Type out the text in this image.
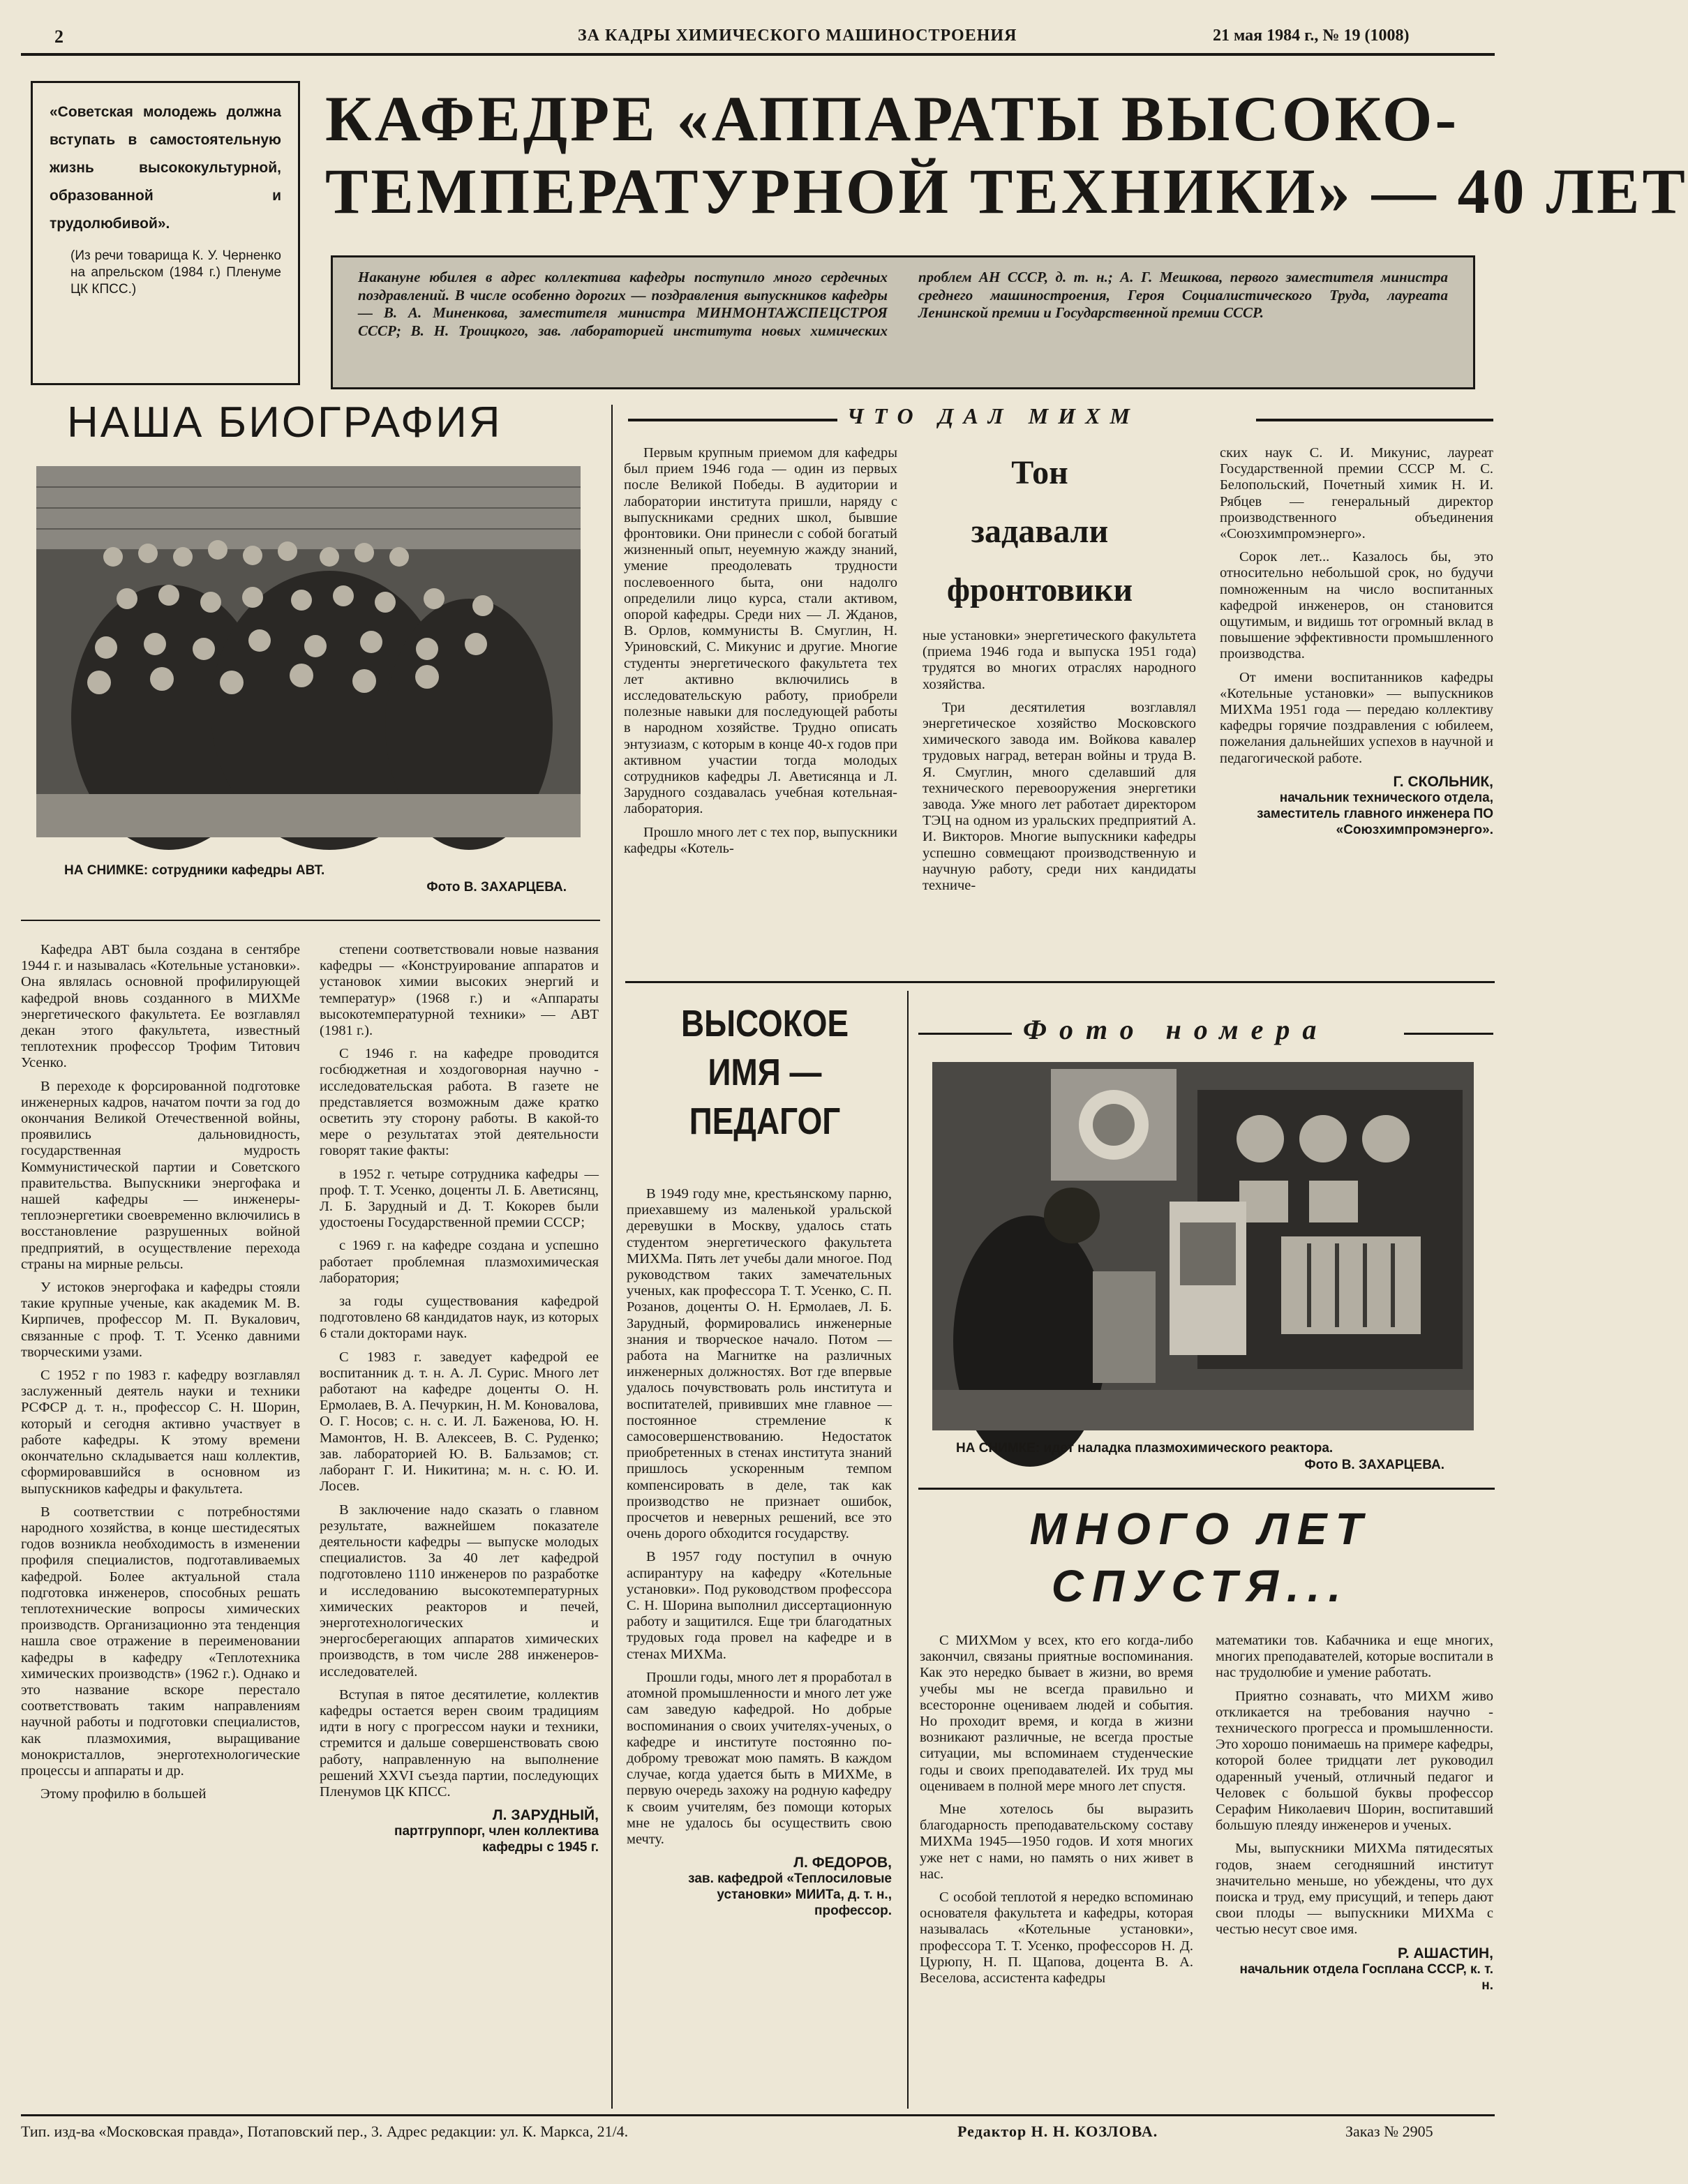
2	ЗА КАДРЫ ХИМИЧЕСКОГО МАШИНОСТРОЕНИЯ	21 мая 1984 г., № 19 (1008)
«Советская молодежь должна вступать в самостоятельную жизнь высококультурной, образованной и трудолюбивой».
(Из речи товарища К. У. Черненко на апрельском (1984 г.) Пленуме ЦК КПСС.)
КАФЕДРЕ «АППАРАТЫ ВЫСОКО-
ТЕМПЕРАТУРНОЙ ТЕХНИКИ» — 40 ЛЕТ
Накануне юбилея в адрес коллектива кафедры поступило много сердечных поздравлений. В числе особенно дорогих — поздравления выпускников кафедры — В. А. Миненкова, заместителя министра МИНМОНТАЖСПЕЦСТРОЯ СССР; В. Н. Троицкого, зав. лабораторией института новых химических проблем АН СССР, д. т. н.; А. Г. Мешкова, первого заместителя министра среднего машиностроения, Героя Социалистического Труда, лауреата Ленинской премии и Государственной премии СССР.
НАША БИОГРАФИЯ
НА СНИМКЕ: сотрудники кафедры АВТ.
Фото В. ЗАХАРЦЕВА.

Кафедра АВТ была создана в сентябре 1944 г. и называлась «Котельные установки». Она являлась основной профилирующей кафедрой вновь созданного в МИХМе энергетического факультета. Ее возглавлял декан этого факультета, известный теплотехник профессор Трофим Титович Усенко.

В переходе к форсированной подготовке инженерных кадров, начатом почти за год до окончания Великой Отечественной войны, проявились дальновидность, государственная мудрость Коммунистической партии и Советского правительства. Выпускники энергофака и нашей кафедры — инженеры-теплоэнергетики своевременно включились в восстановление разрушенных войной предприятий, в осуществление перехода страны на мирные рельсы.

У истоков энергофака и кафедры стояли такие крупные ученые, как академик М. В. Кирпичев, профессор М. П. Вукалович, связанные с проф. Т. Т. Усенко давними творческими узами.

С 1952 г по 1983 г. кафедру возглавлял заслуженный деятель науки и техники РСФСР д. т. н., профессор С. Н. Шорин, который и сегодня активно участвует в работе кафедры. К этому времени окончательно складывается наш коллектив, сформировавшийся в основном из выпускников кафедры и факультета.

В соответствии с потребностями народного хозяйства, в конце шестидесятых годов возникла необходимость в изменении профиля специалистов, подготавливаемых кафедрой. Более актуальной стала подготовка инженеров, способных решать теплотехнические вопросы химических производств. Организационно эта тенденция нашла свое отражение в переименовании кафедры в кафедру «Теплотехника химических производств» (1962 г.). Однако и это название вскоре перестало соответствовать таким направлениям научной работы и подготовки специалистов, как плазмохимия, выращивание монокристаллов, энерготехнологические процессы и аппараты и др.

Этому профилю в большей

степени соответствовали новые названия кафедры — «Конструирование аппаратов и установок химии высоких энергий и температур» (1968 г.) и «Аппараты высокотемпературной техники» — АВТ (1981 г.).

С 1946 г. на кафедре проводится госбюджетная и хоздоговорная научно - исследовательская работа. В газете не представляется возможным даже кратко осветить эту сторону работы. В какой-то мере о результатах этой деятельности говорят такие факты:

в 1952 г. четыре сотрудника кафедры — проф. Т. Т. Усенко, доценты Л. Б. Аветисянц, Л. Б. Зарудный и Д. Т. Кокорев были удостоены Государственной премии СССР;

с 1969 г. на кафедре создана и успешно работает проблемная плазмохимическая лаборатория;

за годы существования кафедрой подготовлено 68 кандидатов наук, из которых 6 стали докторами наук.

С 1983 г. заведует кафедрой ее воспитанник д. т. н. А. Л. Сурис. Много лет работают на кафедре доценты О. Н. Ермолаев, В. А. Печуркин, Н. М. Коновалова, О. Г. Носов; с. н. с. И. Л. Баженова, Ю. Н. Мамонтов, Н. В. Алексеев, В. С. Руденко; зав. лабораторией Ю. В. Бальзамов; ст. лаборант Г. И. Никитина; м. н. с. Ю. И. Лосев.

В заключение надо сказать о главном результате, важнейшем показателе деятельности кафедры — выпуске молодых специалистов. За 40 лет кафедрой подготовлено 1110 инженеров по разработке и исследованию высокотемпературных химических реакторов и печей, энерготехнологических и энергосберегающих аппаратов химических производств, в том числе 288 инженеров-исследователей.

Вступая в пятое десятилетие, коллектив кафедры остается верен своим традициям идти в ногу с прогрессом науки и техники, стремится и дальше совершенствовать свою работу, направленную на выполнение решений XXVI съезда партии, последующих Пленумов ЦК КПСС.

Л. ЗАРУДНЫЙ,
партгруппорг, член коллектива кафедры с 1945 г.
ЧТО ДАЛ МИХМ
Тон
задавали
фронтовики

Первым крупным приемом для кафедры был прием 1946 года — один из первых после Великой Победы. В аудитории и лаборатории института пришли, наряду с выпускниками средних школ, бывшие фронтовики. Они принесли с собой богатый жизненный опыт, неуемную жажду знаний, умение преодолевать трудности послевоенного быта, они надолго определили лицо курса, стали активом, опорой кафедры. Среди них — Л. Жданов, В. Орлов, коммунисты В. Смуглин, Н. Уриновский, С. Микунис и другие. Многие студенты энергетического факультета тех лет активно включились в исследовательскую работу, приобрели полезные навыки для последующей работы в народном хозяйстве. Трудно описать энтузиазм, с которым в конце 40-х годов при активном участии тогда молодых сотрудников кафедры Л. Аветисянца и Л. Зарудного создавалась учебная котельная-лаборатория.

Прошло много лет с тех пор, выпускники кафедры «Котель-

ные установки» энергетического факультета (приема 1946 года и выпуска 1951 года) трудятся во многих отраслях народного хозяйства.

Три десятилетия возглавлял энергетическое хозяйство Московского химического завода им. Войкова кавалер трудовых наград, ветеран войны и труда В. Я. Смуглин, много сделавший для технического перевооружения энергетики завода. Уже много лет работает директором ТЭЦ на одном из уральских предприятий А. И. Викторов. Многие выпускники кафедры успешно совмещают производственную и научную работу, среди них кандидаты техниче-

ских наук С. И. Микунис, лауреат Государственной премии СССР М. С. Белопольский, Почетный химик Н. И. Рябцев — генеральный директор производственного объединения «Союзхимпромэнерго».

Сорок лет... Казалось бы, это относительно небольшой срок, но будучи помноженным на число воспитанных кафедрой инженеров, он становится ощутимым, и видишь тот огромный вклад в повышение эффективности промышленного производства.

От имени воспитанников кафедры «Котельные установки» — выпускников МИХМа 1951 года — передаю коллективу кафедры горячие поздравления с юбилеем, пожелания дальнейших успехов в научной и педагогической работе.

Г. СКОЛЬНИК,
начальник технического отдела, заместитель главного инженера ПО «Союзхимпромэнерго».
ВЫСОКОЕ
ИМЯ —
ПЕДАГОГ

В 1949 году мне, крестьянскому парню, приехавшему из маленькой уральской деревушки в Москву, удалось стать студентом энергетического факультета МИХМа. Пять лет учебы дали многое. Под руководством таких замечательных ученых, как профессора Т. Т. Усенко, С. П. Розанов, доценты О. Н. Ермолаев, Л. Б. Зарудный, формировались инженерные знания и творческое начало. Потом — работа на Магнитке на различных инженерных должностях. Вот где впервые удалось почувствовать роль института и воспитателей, прививших мне главное — постоянное стремление к самосовершенствованию. Недостаток приобретенных в стенах института знаний пришлось ускоренным темпом компенсировать в деле, так как производство не признает ошибок, просчетов и неверных решений, все это очень дорого обходится государству.

В 1957 году поступил в очную аспирантуру на кафедру «Котельные установки». Под руководством профессора С. Н. Шорина выполнил диссертационную работу и защитился. Еще три благодатных трудовых года провел на кафедре и в стенах МИХМа.

Прошли годы, много лет я проработал в атомной промышленности и много лет уже сам заведую кафедрой. Но добрые воспоминания о своих учителях-ученых, о кафедре и институте постоянно по-доброму тревожат мою память. В каждом случае, когда удается быть в МИХМе, в первую очередь захожу на родную кафедру к своим учителям, без помощи которых мне не удалось бы осуществить свою мечту.

Л. ФЕДОРОВ,
зав. кафедрой «Теплосиловые установки» МИИТа, д. т. н., профессор.
Фото номера
НА СНИМКЕ: идет наладка плазмохимического реактора.
Фото В. ЗАХАРЦЕВА.
МНОГО ЛЕТ
СПУСТЯ...

С МИХМом у всех, кто его когда-либо закончил, связаны приятные воспоминания. Как это нередко бывает в жизни, во время учебы мы не всегда правильно и всесторонне оцениваем людей и события. Но проходит время, и когда в жизни возникают различные, не всегда простые ситуации, мы вспоминаем студенческие годы и своих преподавателей. Их труд мы оцениваем в полной мере много лет спустя.

Мне хотелось бы выразить благодарность преподавательскому составу МИХМа 1945—1950 годов. И хотя многих уже нет с нами, но память о них живет в нас.

С особой теплотой я нередко вспоминаю основателя факультета и кафедры, которая называлась «Котельные установки», профессора Т. Т. Усенко, профессоров Н. Д. Цурюпу, Н. П. Щапова, доцента В. А. Веселова, ассистента кафедры

математики тов. Кабачника и еще многих, многих преподавателей, которые воспитали в нас трудолюбие и умение работать.

Приятно сознавать, что МИХМ живо откликается на требования научно - технического прогресса и промышленности. Это хорошо понимаешь на примере кафедры, которой более тридцати лет руководил одаренный ученый, отличный педагог и Человек с большой буквы профессор Серафим Николаевич Шорин, воспитавший большую плеяду инженеров и ученых.

Мы, выпускники МИХМа пятидесятых годов, знаем сегодняшний институт значительно меньше, но убеждены, что дух поиска и труд, ему присущий, и теперь дают свои плоды — выпускники МИХМа с честью несут свое имя.

Р. АШАСТИН,
начальник отдела Госплана СССР, к. т. н.
Тип. изд-ва «Московская правда», Потаповский пер., 3. Адрес редакции: ул. К. Маркса, 21/4.	Редактор Н. Н. КОЗЛОВА.	Заказ № 2905
